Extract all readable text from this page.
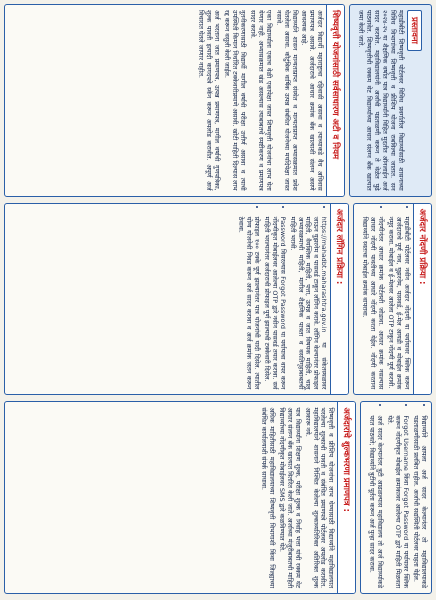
प्रस्तावना

महाडीबीटी शिष्यवृत्ती पोर्टलवर विविध प्रवर्गातील विद्यार्थ्यांसाठी शासनाच्या विविध विभागांच्या शिष्यवृत्ती व फ्रीशिप योजना राबविल्या जातात. सन २०२४-२५ या शैक्षणिक वर्षात पात्र विद्यार्थ्यांनी विहित मुदतीत ऑनलाईन अर्ज सादर करावेत. महाविद्यालयांनी अर्जांची पडताळणी करून ते वेळेत पुढे पाठवावेत. शिष्यवृत्तीची रक्कम थेट विद्यार्थ्यांच्या आधार संलग्न बँक खात्यात जमा केली जाते.

शिष्यवृत्ती योजनांसाठी सर्वसाधारण अटी व नियम

अर्जदार विद्यार्थी महाराष्ट्राचा रहिवासी असावा व त्याच्याकडे वैध अधिवास प्रमाणपत्र असावे. अर्जदाराचे आधार क्रमांक बँक खात्याशी संलग्न असणे आवश्यक आहे.

विद्यार्थ्याने शासन मान्यताप्राप्त संस्थेत व मान्यताप्राप्त अभ्यासक्रमात प्रवेश घेतलेला असावा. कौटुंबिक वार्षिक उत्पन्न संबंधित योजनेच्या मर्यादेपेक्षा जास्त नसावे.

एका विद्यार्थ्याला एकाच वेळी एकापेक्षा जास्त शिष्यवृत्ती योजनांचा लाभ घेता येणार नाही. अभ्यासक्रमात खंड असल्यास त्याबाबतचे स्पष्टीकरण व प्रमाणपत्र सादर करावे.

नूतनीकरणासाठी विद्यार्थी मागील वर्षाची परीक्षा उत्तीर्ण असावा व त्याची उपस्थिती किमान निर्धारित टक्केवारीप्रमाणे असावी. खोटी माहिती दिल्यास लाभ रद्द करून वसुली केली जाईल.

अर्ज भरताना जात प्रमाणपत्र, उत्पन्न प्रमाणपत्र, मागील वर्षाची गुणपत्रिका, शुल्क पावती इत्यादी कागदपत्रे स्कॅन करून अपलोड करावीत. अपूर्ण अर्ज विचारात घेतले जाणार नाहीत.

अर्जदार नोंदणी प्रक्रिया :
• महाडीबीटी पोर्टलवर नवीन अर्जदार नोंदणी या पर्यायावर क्लिक करून अर्जदाराचे पूर्ण नाव, युझरनेम, पासवर्ड, ई-मेल आयडी व मोबाईल क्रमांक नमूद करावा. मोबाईल व ई-मेलवर आलेला OTP टाकून नोंदणी पूर्ण करावी.
• नोंदणीनंतर आधार क्रमांक पोर्टलशी जोडावा. आधार क्रमांक नसल्यास आधार नोंदणी पावतीच्या आधारे नोंदणी करता येईल. नोंदणी करताना विद्यार्थ्याने स्वतःचा मोबाईल क्रमांक वापरावा.
अर्जदार लॉगिन प्रक्रिया :
• https://mahadbt.maharashtra.gov.in या संकेतस्थळावर जाऊन युझरनेम व पासवर्ड टाकून लॉगिन करावे. लॉगिन केल्यानंतर प्रोफाइल माहिती, वैयक्तिक माहिती, पत्ता, उत्पन्न व जात विषयक माहिती, चालू अभ्यासक्रमाची माहिती, मागील शैक्षणिक पात्रता व वसतिगृहाबाबतची माहिती भरावी.
• Password विसरल्यास Forgot Password या पर्यायाचा वापर करून नोंदणीकृत मोबाईलवर आलेल्या OTP द्वारे नवीन पासवर्ड तयार करावा. सर्व माहिती भरल्यानंतर अर्जदाराची प्रोफाइल पूर्ण झाल्याची टक्केवारी दिसेल.
• प्रोफाइल १०० टक्के पूर्ण झाल्यानंतर पात्र योजनांची यादी दिसेल. त्यातील योग्य योजनेची निवड करून अर्ज सादर करावा व अर्ज क्रमांक जतन करून ठेवावा.
• विद्यार्थ्याने आपला अर्ज सादर केल्यानंतर तो महाविद्यालयाकडे पडताळणीसाठी प्रलंबित राहील. अर्जाची सद्यस्थिती पोर्टलवर पाहता येईल.
• Forgot Username किंवा Forgot Password या पर्यायावर क्लिक करून नोंदणीकृत मोबाईल क्रमांकावर आलेल्या OTP द्वारे माहिती मिळवता येते.
• अर्ज सादर केल्यानंतर त्रुटी आढळल्यास महाविद्यालय तो अर्ज विद्यार्थ्याकडे परत पाठवते; विद्यार्थ्याने त्रुटींची पूर्तता करून अर्ज पुन्हा सादर करावा.
अर्जदारांचे शुल्कभरणा प्रमाणपत्र :

शिष्यवृत्ती व फ्रीशिप योजनांचा लाभ घेण्यासाठी विद्यार्थ्याने महाविद्यालयात भरलेल्या शुल्काची पावती व संबंधित प्रमाणपत्रे पोर्टलवर अपलोड करावीत. महाविद्यालयाने शासनाने निश्चित केलेल्या शुल्काव्यतिरिक्त अतिरिक्त शुल्क आकारू नये.

पात्र विद्यार्थ्यांना शिक्षण शुल्क, परीक्षा शुल्क व निर्वाह भत्ता यांची रक्कम थेट आधार संलग्न बँक खात्यात वितरित केली जाते. अर्जाच्या मंजुरीबाबतची माहिती विद्यार्थ्याच्या नोंदणीकृत मोबाईलवर SMS द्वारे कळविण्यात येते.

अधिक माहितीसाठी महाविद्यालयाच्या शिष्यवृत्ती विभागाशी किंवा जिल्ह्याच्या संबंधित कार्यालयाशी संपर्क साधावा.
